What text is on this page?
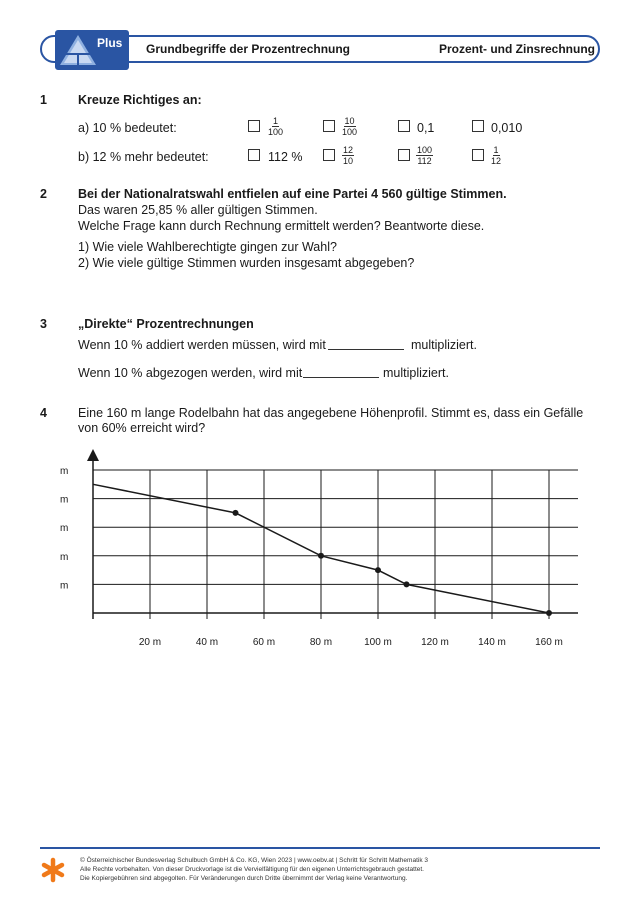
Plus Grundbegriffe der Prozentrechnung	Prozent- und Zinsrechnung
1 Kreuze Richtiges an:
a) 10 % bedeutet:	$\frac{1}{100}$	$\frac{10}{100}$	0,1	0,010
b) 12 % mehr bedeutet:	112 %	$\frac{12}{10}$	$\frac{100}{112}$	$\frac{1}{12}$
2 Bei der Nationalratswahl entfielen auf eine Partei 4 560 gültige Stimmen.
Das waren 25,85 % aller gültigen Stimmen.
Welche Frage kann durch Rechnung ermittelt werden? Beantworte diese.
1) Wie viele Wahlberechtigte gingen zur Wahl?
2) Wie viele gültige Stimmen wurden insgesamt abgegeben?
3 „Direkte“ Prozentrechnungen
Wenn 10 % addiert werden müssen, wird mit	multipliziert.
Wenn 10 % abgezogen werden, wird mit	multipliziert.
4 Eine 160 m lange Rodelbahn hat das angegebene Höhenprofil. Stimmt es, dass ein Gefälle
von 60% erreicht wird?
20 m	40 m	60 m	80 m	100 m	120 m	140 m	160 m
m
m
m
m
m
© Österreichischer Bundesverlag Schulbuch GmbH & Co. KG, Wien 2023 | www.oebv.at | Schritt für Schritt Mathematik 3
Alle Rechte vorbehalten. Von dieser Druckvorlage ist die Vervielfältigung für den eigenen Unterrichtsgebrauch gestattet.
Die Kopiergebühren sind abgegolten. Für Veränderungen durch Dritte übernimmt der Verlag keine Verantwortung.
